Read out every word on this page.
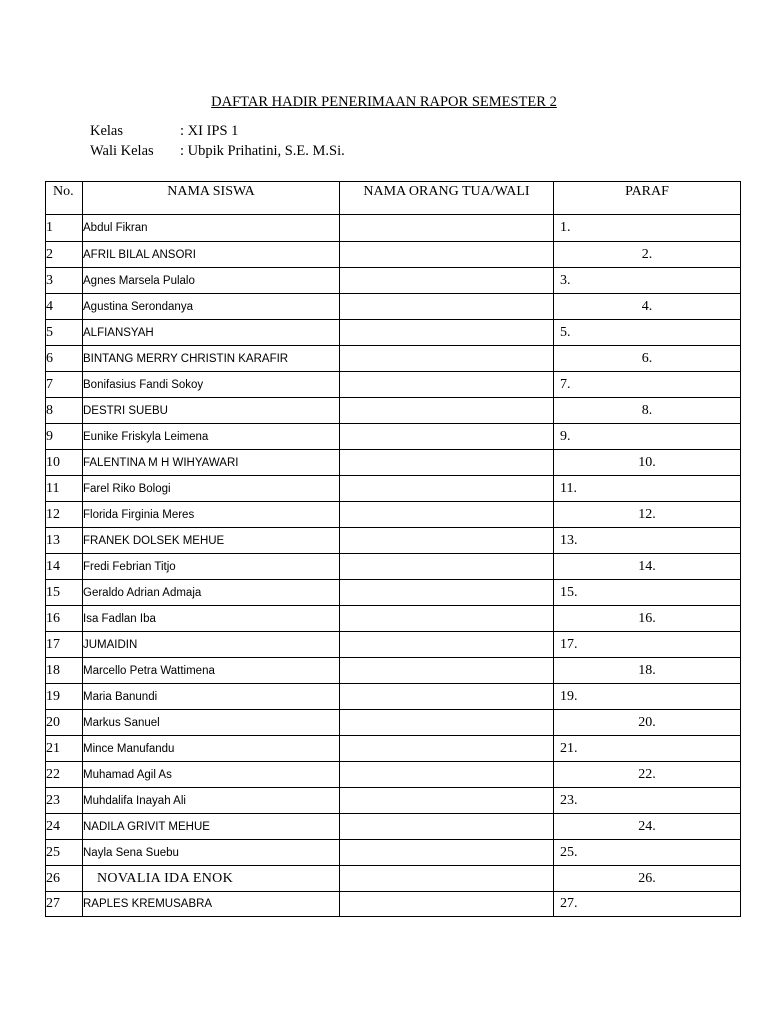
DAFTAR HADIR PENERIMAAN RAPOR SEMESTER 2
Kelas	: XI IPS 1
Wali Kelas : Ubpik Prihatini, S.E. M.Si.
No.	NAMA SISWA	NAMA ORANG TUA/WALI	PARAF
1	Abdul Fikran		1.
2	AFRIL BILAL ANSORI		2.
3	Agnes Marsela Pulalo		3.
4	Agustina Serondanya		4.
5	ALFIANSYAH		5.
6	BINTANG MERRY CHRISTIN KARAFIR		6.
7	Bonifasius Fandi Sokoy		7.
8	DESTRI SUEBU		8.
9	Eunike Friskyla Leimena		9.
10	FALENTINA M H WIHYAWARI		10.
11	Farel Riko Bologi		11.
12	Florida Firginia Meres		12.
13	FRANEK DOLSEK MEHUE		13.
14	Fredi Febrian Titjo		14.
15	Geraldo Adrian Admaja		15.
16	Isa Fadlan Iba		16.
17	JUMAIDIN		17.
18	Marcello Petra Wattimena		18.
19	Maria Banundi		19.
20	Markus Sanuel		20.
21	Mince Manufandu		21.
22	Muhamad Agil As		22.
23	Muhdalifa Inayah Ali		23.
24	NADILA GRIVIT MEHUE		24.
25	Nayla Sena Suebu		25.
26	NOVALIA IDA ENOK		26.
27	RAPLES KREMUSABRA		27.
